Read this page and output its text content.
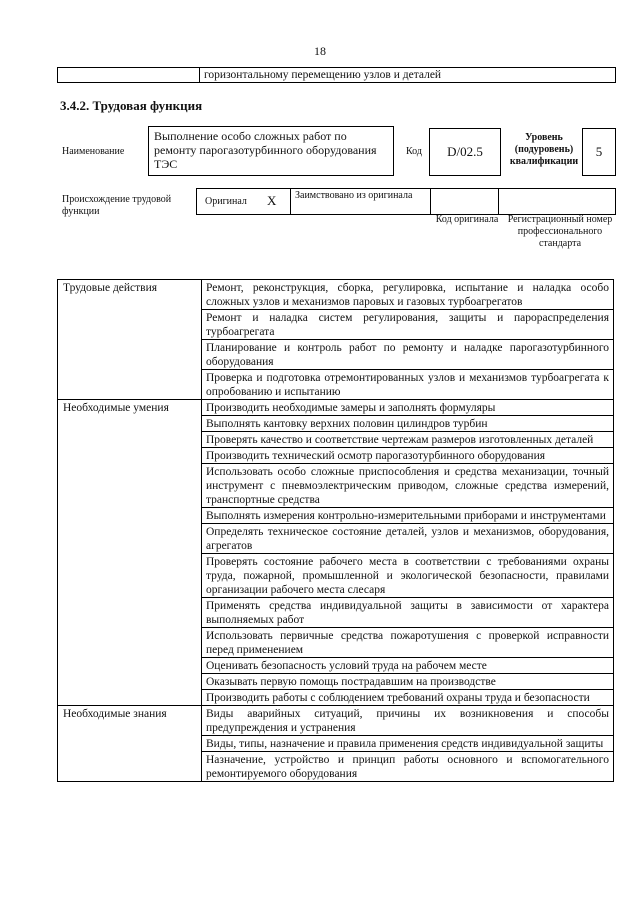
18
горизонтальному перемещению узлов и деталей
3.4.2. Трудовая функция
Наименование
Выполнение особо сложных работ по ремонту парогазотурбинного оборудования ТЭС
Код	D/02.5
Уровень (подуровень) квалификации
5
Происхождение трудовой функции
Оригинал X Заимствовано из оригинала
Код оригинала Регистрационный номер профессионального стандарта
Трудовые действия	Ремонт, реконструкция, сборка, регулировка, испытание и наладка особо сложных узлов и механизмов паровых и газовых турбоагрегатов
	Ремонт и наладка систем регулирования, защиты и парораспределения турбоагрегата
	Планирование и контроль работ по ремонту и наладке парогазотурбинного оборудования
	Проверка и подготовка отремонтированных узлов и механизмов турбоагрегата к опробованию и испытанию
Необходимые умения	Производить необходимые замеры и заполнять формуляры
	Выполнять кантовку верхних половин цилиндров турбин
	Проверять качество и соответствие чертежам размеров изготовленных деталей
	Производить технический осмотр парогазотурбинного оборудования
	Использовать особо сложные приспособления и средства механизации, точный инструмент с пневмоэлектрическим приводом, сложные средства измерений, транспортные средства
	Выполнять измерения контрольно-измерительными приборами и инструментами
	Определять техническое состояние деталей, узлов и механизмов, оборудования, агрегатов
	Проверять состояние рабочего места в соответствии с требованиями охраны труда, пожарной, промышленной и экологической безопасности, правилами организации рабочего места слесаря
	Применять средства индивидуальной защиты в зависимости от характера выполняемых работ
	Использовать первичные средства пожаротушения с проверкой исправности перед применением
	Оценивать безопасность условий труда на рабочем месте
	Оказывать первую помощь пострадавшим на производстве
	Производить работы с соблюдением требований охраны труда и безопасности
Необходимые знания	Виды аварийных ситуаций, причины их возникновения и способы предупреждения и устранения
	Виды, типы, назначение и правила применения средств индивидуальной защиты
	Назначение, устройство и принцип работы основного и вспомогательного ремонтируемого оборудования
